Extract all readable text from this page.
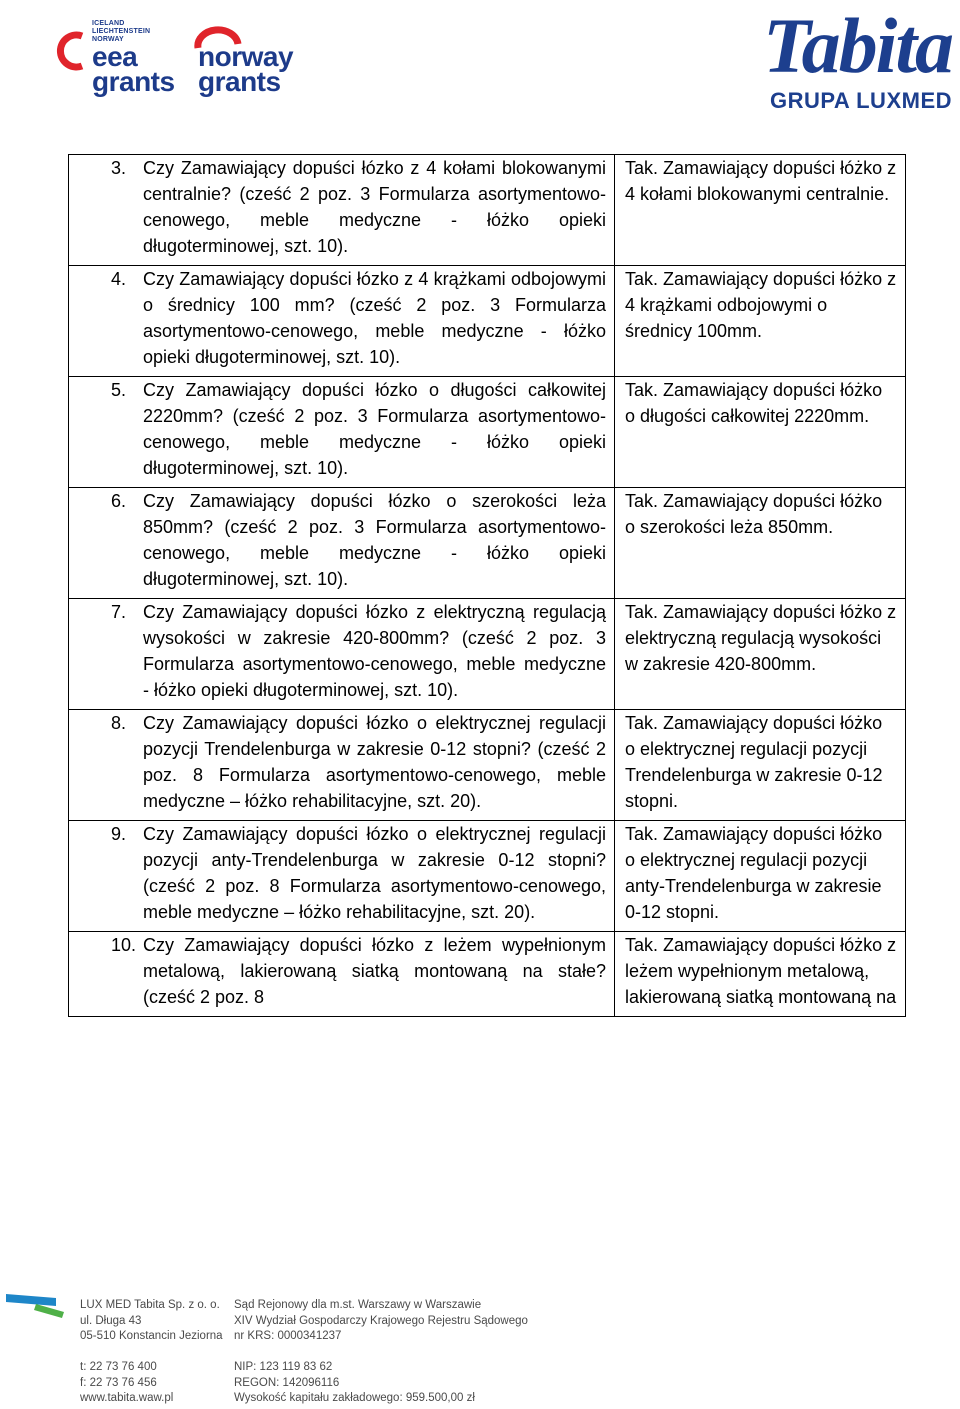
ICELAND
LIECHTENSTEIN
NORWAY
eea
grants
norway
grants	Tabita
GRUPA LUXMED
3. Czy Zamawiający dopuści łózko z 4 kołami blokowanymi centralnie? (cześć 2 poz. 3 Formularza asortymentowo-cenowego, meble medyczne - łóżko opieki długoterminowej, szt. 10).	Tak. Zamawiający dopuści łóżko z 4 kołami blokowanymi centralnie.

4. Czy Zamawiający dopuści łózko z 4 krążkami odbojowymi o średnicy 100 mm? (cześć 2 poz. 3 Formularza asortymentowo-cenowego, meble medyczne - łóżko opieki długoterminowej, szt. 10).	Tak. Zamawiający dopuści łóżko z 4 krążkami odbojowymi o średnicy 100mm.

5. Czy Zamawiający dopuści łózko o długości całkowitej 2220mm? (cześć 2 poz. 3 Formularza asortymentowo-cenowego, meble medyczne - łóżko opieki długoterminowej, szt. 10).	Tak. Zamawiający dopuści łóżko o długości całkowitej 2220mm.

6. Czy Zamawiający dopuści łózko o szerokości leża 850mm? (cześć 2 poz. 3 Formularza asortymentowo-cenowego, meble medyczne - łóżko opieki długoterminowej, szt. 10).	Tak. Zamawiający dopuści łóżko o szerokości leża 850mm.

7. Czy Zamawiający dopuści łózko z elektryczną regulacją wysokości w zakresie 420-800mm? (cześć 2 poz. 3 Formularza asortymentowo-cenowego, meble medyczne - łóżko opieki długoterminowej, szt. 10).	Tak. Zamawiający dopuści łóżko z elektryczną regulacją wysokości w zakresie 420-800mm.

8. Czy Zamawiający dopuści łózko o elektrycznej regulacji pozycji Trendelenburga w zakresie 0-12 stopni? (cześć 2 poz. 8 Formularza asortymentowo-cenowego, meble medyczne – łóżko rehabilitacyjne, szt. 20).	Tak. Zamawiający dopuści łóżko o elektrycznej regulacji pozycji Trendelenburga w zakresie 0-12 stopni.

9. Czy Zamawiający dopuści łózko o elektrycznej regulacji pozycji anty-Trendelenburga w zakresie 0-12 stopni? (cześć 2 poz. 8 Formularza asortymentowo-cenowego, meble medyczne – łóżko rehabilitacyjne, szt. 20).	Tak. Zamawiający dopuści łóżko o elektrycznej regulacji pozycji anty-Trendelenburga w zakresie 0-12 stopni.

10. Czy Zamawiający dopuści łózko z leżem wypełnionym metalową, lakierowaną siatką montowaną na stałe? (cześć 2 poz. 8	Tak. Zamawiający dopuści łóżko z leżem wypełnionym metalową, lakierowaną siatką montowaną na
LUX MED Tabita Sp. z o. o.
ul. Długa 43
05-510 Konstancin Jeziorna
Sąd Rejonowy dla m.st. Warszawy w Warszawie
XIV Wydział Gospodarczy Krajowego Rejestru Sądowego
nr KRS: 0000341237
t: 22 73 76 400
f: 22 73 76 456
www.tabita.waw.pl
NIP: 123 119 83 62
REGON: 142096116
Wysokość kapitału zakładowego: 959.500,00 zł
